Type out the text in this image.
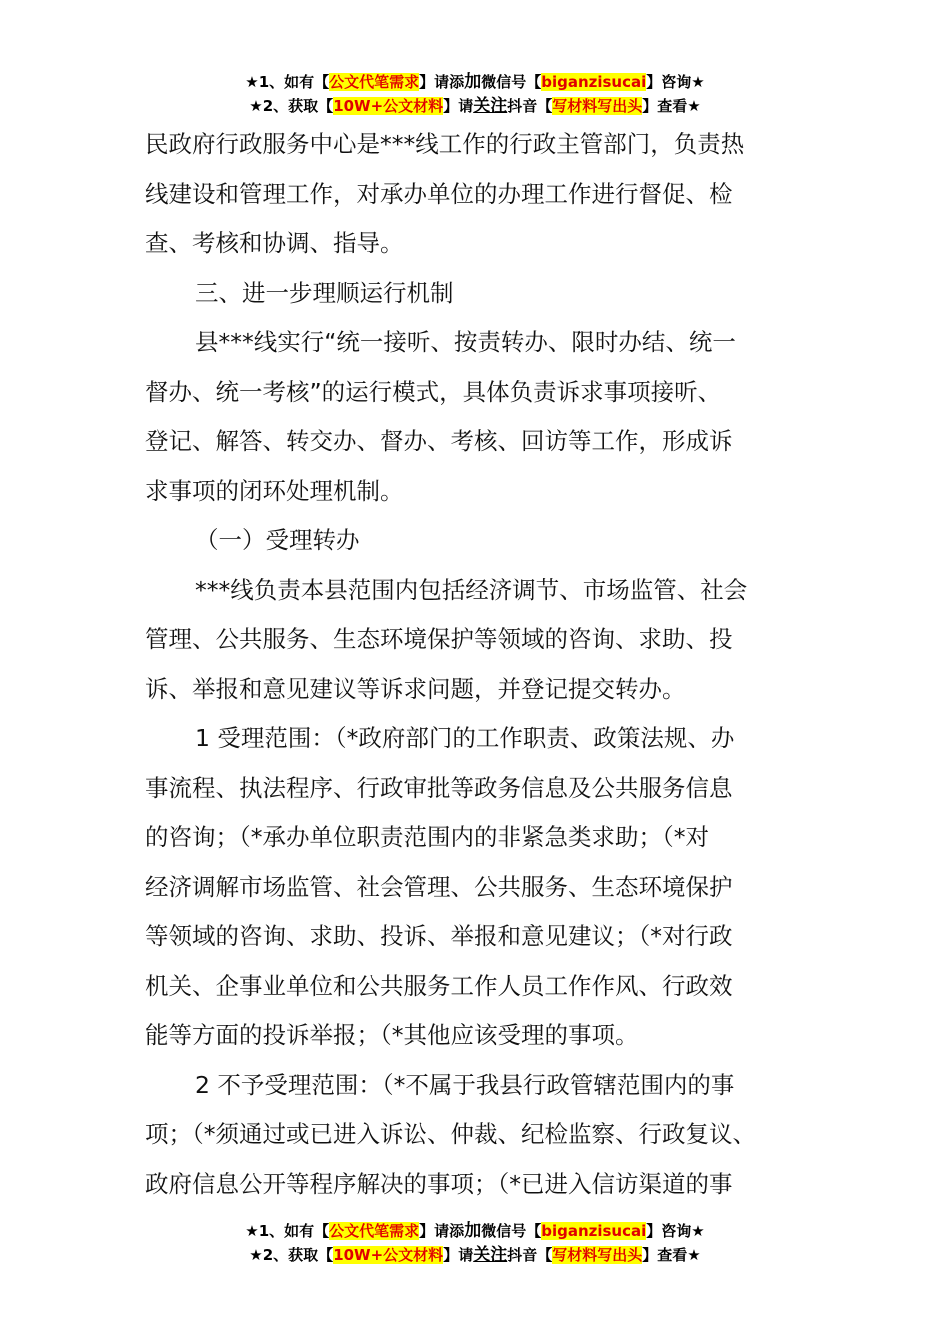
★1、如有【公文代笔需求】请添加微信号【biganzisucai】咨询★
★2、获取【10W+公文材料】请关注抖音【写材料写出头】查看★

民政府行政服务中心是***线工作的行政主管部门，负责热

线建设和管理工作，对承办单位的办理工作进行督促、检

查、考核和协调、指导。

三、进一步理顺运行机制

县***线实行“统一接听、按责转办、限时办结、统一

督办、统一考核”的运行模式，具体负责诉求事项接听、

登记、解答、转交办、督办、考核、回访等工作，形成诉

求事项的闭环处理机制。

（一）受理转办

***线负责本县范围内包括经济调节、市场监管、社会

管理、公共服务、生态环境保护等领域的咨询、求助、投

诉、举报和意见建议等诉求问题，并登记提交转办。

1 受理范围：（*政府部门的工作职责、政策法规、办

事流程、执法程序、行政审批等政务信息及公共服务信息

的咨询；（*承办单位职责范围内的非紧急类求助；（*对

经济调解市场监管、社会管理、公共服务、生态环境保护

等领域的咨询、求助、投诉、举报和意见建议；（*对行政

机关、企事业单位和公共服务工作人员工作作风、行政效

能等方面的投诉举报；（*其他应该受理的事项。

2 不予受理范围：（*不属于我县行政管辖范围内的事

项；（*须通过或已进入诉讼、仲裁、纪检监察、行政复议、

政府信息公开等程序解决的事项；（*已进入信访渠道的事

★1、如有【公文代笔需求】请添加微信号【biganzisucai】咨询★
★2、获取【10W+公文材料】请关注抖音【写材料写出头】查看★
